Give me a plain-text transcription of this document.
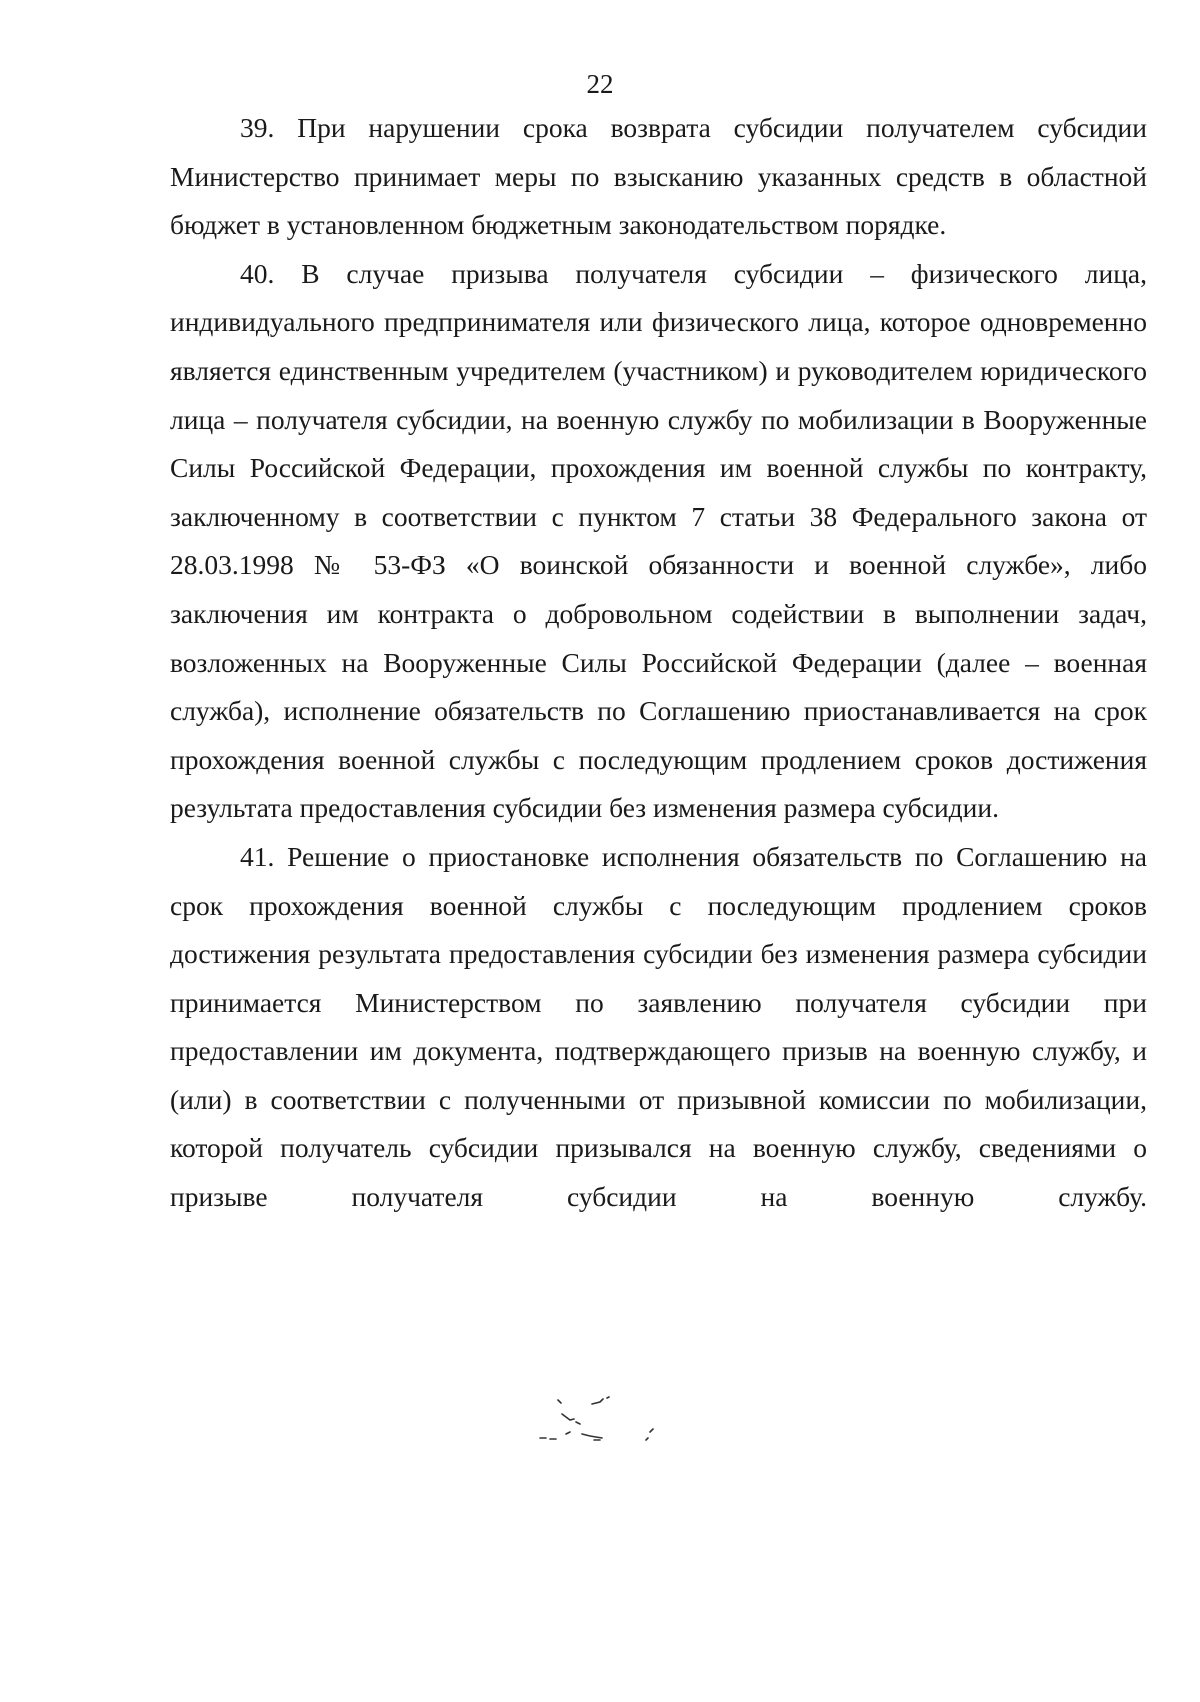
22

39. При нарушении срока возврата субсидии получателем субсидии Министерство принимает меры по взысканию указанных средств в областной бюджет в установленном бюджетным законодательством порядке.

40. В случае призыва получателя субсидии – физического лица, индивидуального предпринимателя или физического лица, которое одновременно является единственным учредителем (участником) и руководителем юридического лица – получателя субсидии, на военную службу по мобилизации в Вооруженные Силы Российской Федерации, прохождения им военной службы по контракту, заключенному в соответствии с пунктом 7 статьи 38 Федерального закона от 28.03.1998 № 53-ФЗ «О воинской обязанности и военной службе», либо заключения им контракта о добровольном содействии в выполнении задач, возложенных на Вооруженные Силы Российской Федерации (далее – военная служба), исполнение обязательств по Соглашению приостанавливается на срок прохождения военной службы с последующим продлением сроков достижения результата предоставления субсидии без изменения размера субсидии.

41. Решение о приостановке исполнения обязательств по Соглашению на срок прохождения военной службы с последующим продлением сроков достижения результата предоставления субсидии без изменения размера субсидии принимается Министерством по заявлению получателя субсидии при предоставлении им документа, подтверждающего призыв на военную службу, и (или) в соответствии с полученными от призывной комиссии по мобилизации, которой получатель субсидии призывался на военную службу, сведениями о призыве получателя субсидии на военную службу.
